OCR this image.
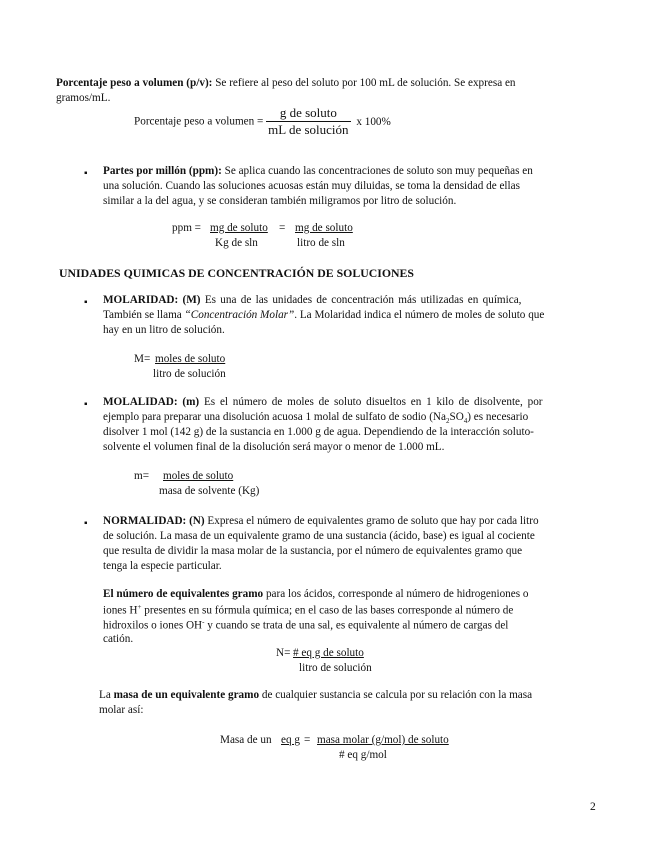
Porcentaje peso a volumen (p/v): Se refiere al peso del soluto por 100 mL de solución. Se expresa en
gramos/mL.
Porcentaje peso a volumen = $\frac{\text{g de soluto}}{\text{mL de solución}}$ x 100%
▪ Partes por millón (ppm): Se aplica cuando las concentraciones de soluto son muy pequeñas en
una solución. Cuando las soluciones acuosas están muy diluidas, se toma la densidad de ellas
similar a la del agua, y se consideran también miligramos por litro de solución.
ppm = mg de soluto = mg de soluto
Kg de sln	litro de sln
UNIDADES QUIMICAS DE CONCENTRACIÓN DE SOLUCIONES
▪ MOLARIDAD: (M) Es una de las unidades de concentración más utilizadas en química,
También se llama “Concentración Molar”. La Molaridad indica el número de moles de soluto que
hay en un litro de solución.
M= moles de soluto
litro de solución
▪ MOLALIDAD: (m) Es el número de moles de soluto disueltos en 1 kilo de disolvente, por
ejemplo para preparar una disolución acuosa 1 molal de sulfato de sodio $(Na_2SO_4)$ es necesario
disolver 1 mol (142 g) de la sustancia en 1.000 g de agua. Dependiendo de la interacción soluto-
solvente el volumen final de la disolución será mayor o menor de 1.000 mL.
m= moles de soluto
masa de solvente (Kg)
▪ NORMALIDAD: (N) Expresa el número de equivalentes gramo de soluto que hay por cada litro
de solución. La masa de un equivalente gramo de una sustancia (ácido, base) es igual al cociente
que resulta de dividir la masa molar de la sustancia, por el número de equivalentes gramo que
tenga la especie particular.
El número de equivalentes gramo para los ácidos, corresponde al número de hidrogeniones o
iones H+ presentes en su fórmula química; en el caso de las bases corresponde al número de
hidroxilos o iones OH- y cuando se trata de una sal, es equivalente al número de cargas del
catión.
N= # eq g de soluto
litro de solución
La masa de un equivalente gramo de cualquier sustancia se calcula por su relación con la masa
molar así:
Masa de un eq g = masa molar (g/mol) de soluto
# eq g/mol
2
